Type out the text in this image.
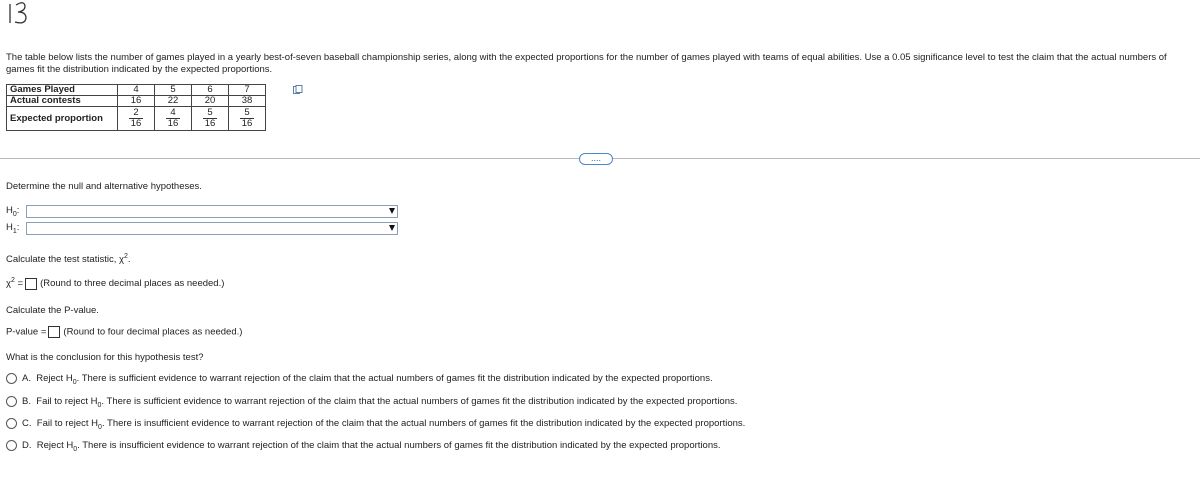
The table below lists the number of games played in a yearly best-of-seven baseball championship series, along with the expected proportions for the number of games played with teams of equal abilities. Use a 0.05 significance level to test the claim that the actual numbers of games fit the distribution indicated by the expected proportions.
Games Played	4	5	6	7
Actual contests	16	22	20	38
Expected proportion	$\frac{2}{16}$	$\frac{4}{16}$	$\frac{5}{16}$	$\frac{5}{16}$
....
Determine the null and alternative hypotheses.
$H_0$:
$H_1$:
Calculate the test statistic, $\chi^2$.
$\chi^2$ = (Round to three decimal places as needed.)
Calculate the P-value.
P-value = (Round to four decimal places as needed.)
What is the conclusion for this hypothesis test?
A. Reject $H_0$. There is sufficient evidence to warrant rejection of the claim that the actual numbers of games fit the distribution indicated by the expected proportions.
B. Fail to reject $H_0$. There is sufficient evidence to warrant rejection of the claim that the actual numbers of games fit the distribution indicated by the expected proportions.
C. Fail to reject $H_0$. There is insufficient evidence to warrant rejection of the claim that the actual numbers of games fit the distribution indicated by the expected proportions.
D. Reject $H_0$. There is insufficient evidence to warrant rejection of the claim that the actual numbers of games fit the distribution indicated by the expected proportions.
